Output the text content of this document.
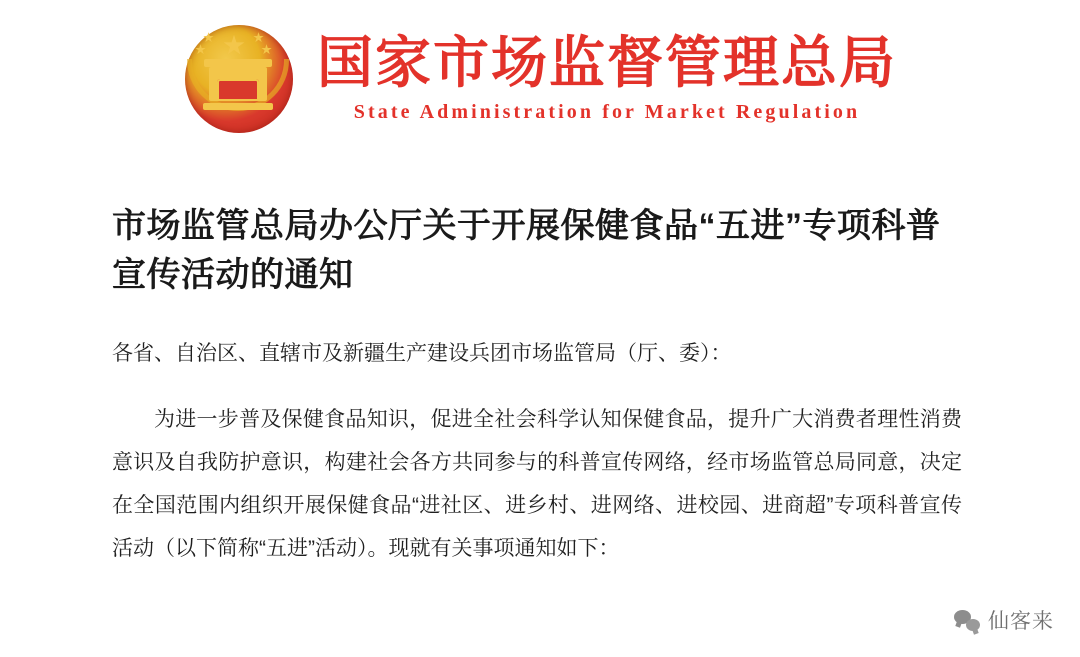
★
★
★
★
★ 国家市场监督管理总局
State Administration for Market Regulation
市场监管总局办公厅关于开展保健食品“五进”专项科普宣传活动的通知

各省、自治区、直辖市及新疆生产建设兵团市场监管局（厅、委）：

为进一步普及保健食品知识，促进全社会科学认知保健食品，提升广大消费者理性消费意识及自我防护意识，构建社会各方共同参与的科普宣传网络，经市场监管总局同意，决定在全国范围内组织开展保健食品“进社区、进乡村、进网络、进校园、进商超”专项科普宣传活动（以下简称“五进”活动）。现就有关事项通知如下：

仙客来
